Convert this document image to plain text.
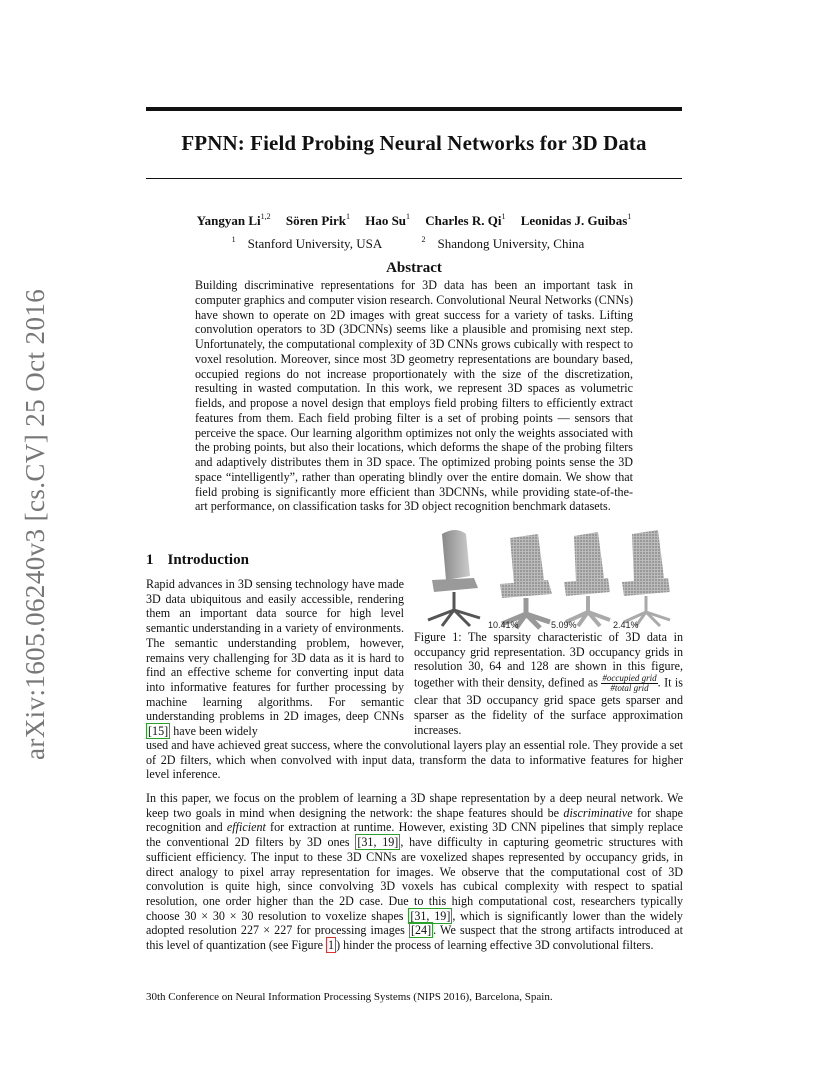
arXiv:1605.06240v3 [cs.CV] 25 Oct 2016
FPNN: Field Probing Neural Networks for 3D Data
Yangyan Li$^{1,2}$ Sören Pirk$^1$ Hao Su$^1$ Charles R. Qi$^1$ Leonidas J. Guibas$^1$
$^1$ Stanford University, USA	$^2$ Shandong University, China
Abstract
Building discriminative representations for 3D data has been an important task in computer graphics and computer vision research. Convolutional Neural Networks (CNNs) have shown to operate on 2D images with great success for a variety of tasks. Lifting convolution operators to 3D (3DCNNs) seems like a plausible and promising next step. Unfortunately, the computational complexity of 3D CNNs grows cubically with respect to voxel resolution. Moreover, since most 3D geometry representations are boundary based, occupied regions do not increase proportionately with the size of the discretization, resulting in wasted computation. In this work, we represent 3D spaces as volumetric fields, and propose a novel design that employs field probing filters to efficiently extract features from them. Each field probing filter is a set of probing points — sensors that perceive the space. Our learning algorithm optimizes not only the weights associated with the probing points, but also their locations, which deforms the shape of the probing filters and adaptively distributes them in 3D space. The optimized probing points sense the 3D space “intelligently”, rather than operating blindly over the entire domain. We show that field probing is significantly more efficient than 3DCNNs, while providing state-of-the-art performance, on classification tasks for 3D object recognition benchmark datasets.
1 Introduction
Rapid advances in 3D sensing technology have made 3D data ubiquitous and easily accessible, rendering them an important data source for high level semantic understanding in a variety of environments. The semantic understanding problem, however, remains very challenging for 3D data as it is hard to find an effective scheme for converting input data into informative features for further processing by machine learning algorithms. For semantic understanding problems in 2D images, deep CNNs [15] have been widely
10.41%	5.09%	2.41%
Figure 1: The sparsity characteristic of 3D data in occupancy grid representation. 3D occupancy grids in resolution 30, 64 and 128 are shown in this figure, together with their density, defined as $\frac{\text{\#occupied grid}}{\text{\#total grid}}$ . It is clear that 3D occupancy grid space gets sparser and sparser as the fidelity of the surface approximation increases.
used and have achieved great success, where the convolutional layers play an essential role. They provide a set of 2D filters, which when convolved with input data, transform the data to informative features for higher level inference.
In this paper, we focus on the problem of learning a 3D shape representation by a deep neural network. We keep two goals in mind when designing the network: the shape features should be discriminative for shape recognition and efficient for extraction at runtime. However, existing 3D CNN pipelines that simply replace the conventional 2D filters by 3D ones [31, 19] , have difficulty in capturing geometric structures with sufficient efficiency. The input to these 3D CNNs are voxelized shapes represented by occupancy grids, in direct analogy to pixel array representation for images. We observe that the computational cost of 3D convolution is quite high, since convolving 3D voxels has cubical complexity with respect to spatial resolution, one order higher than the 2D case. Due to this high computational cost, researchers typically choose 30 × 30 × 30 resolution to voxelize shapes [31, 19] , which is significantly lower than the widely adopted resolution 227 × 227 for processing images [24] . We suspect that the strong artifacts introduced at this level of quantization (see Figure 1 ) hinder the process of learning effective 3D convolutional filters.
30th Conference on Neural Information Processing Systems (NIPS 2016), Barcelona, Spain.
